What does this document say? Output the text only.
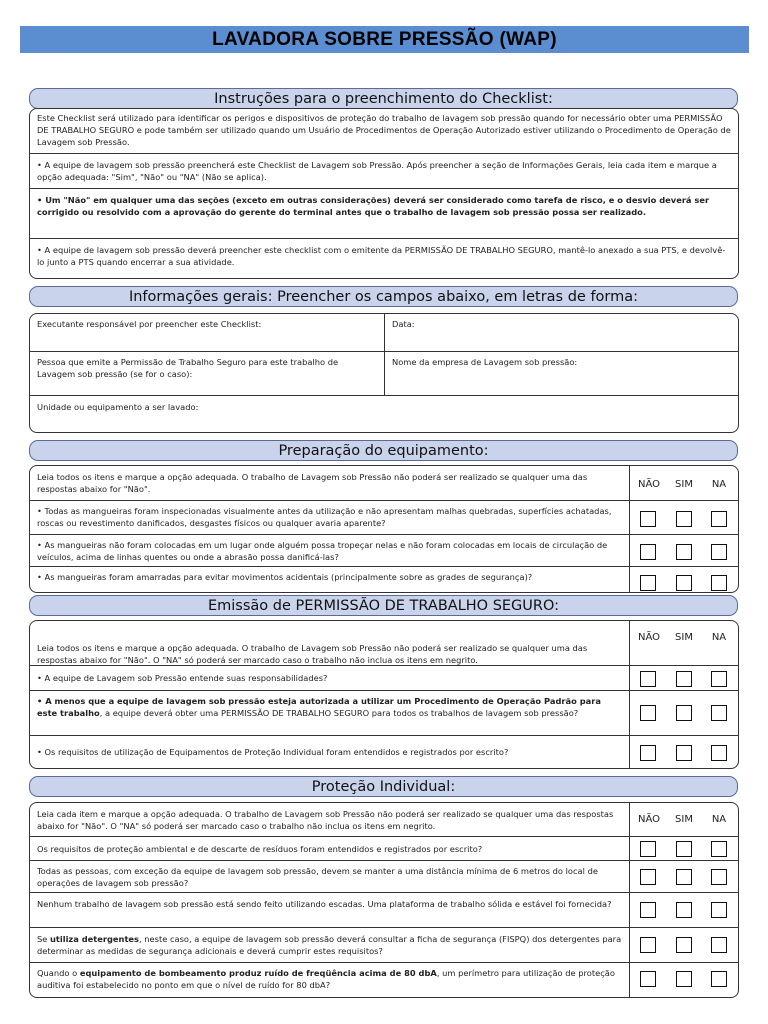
LAVADORA SOBRE PRESSÃO (WAP)
Instruções para o preenchimento do Checklist:
Este Checklist será utilizado para identificar os perigos e dispositivos de proteção do trabalho de lavagem sob pressão quando for necessário obter uma PERMISSÃO DE TRABALHO SEGURO e pode também ser utilizado quando um Usuário de Procedimentos de Operação Autorizado estiver utilizando o Procedimento de Operação de Lavagem sob Pressão.
• A equipe de lavagem sob pressão preencherá este Checklist de Lavagem sob Pressão. Após preencher a seção de Informações Gerais, leia cada item e marque a opção adequada: "Sim", "Não" ou "NA" (Não se aplica).
• Um "Não" em qualquer uma das seções (exceto em outras considerações) deverá ser considerado como tarefa de risco, e o desvio deverá ser corrigido ou resolvido com a aprovação do gerente do terminal antes que o trabalho de lavagem sob pressão possa ser realizado.
• A equipe de lavagem sob pressão deverá preencher este checklist com o emitente da PERMISSÃO DE TRABALHO SEGURO, mantê-lo anexado a sua PTS, e devolvê-lo junto a PTS quando encerrar a sua atividade.
Informações gerais: Preencher os campos abaixo, em letras de forma:
Executante responsável por preencher este Checklist:	Data:
Pessoa que emite a Permissão de Trabalho Seguro para este trabalho de Lavagem sob pressão (se for o caso):
Nome da empresa de Lavagem sob pressão:
Unidade ou equipamento a ser lavado:
Preparação do equipamento:
Leia todos os itens e marque a opção adequada. O trabalho de Lavagem sob Pressão não poderá ser realizado se qualquer uma das respostas abaixo for "Não".	NÃO	SIM	NA
• Todas as mangueiras foram inspecionadas visualmente antes da utilização e não apresentam malhas quebradas, superfícies achatadas, roscas ou revestimento danificados, desgastes físicos ou qualquer avaria aparente?
• As mangueiras não foram colocadas em um lugar onde alguém possa tropeçar nelas e não foram colocadas em locais de circulação de veículos, acima de linhas quentes ou onde a abrasão possa danificá-las?
• As mangueiras foram amarradas para evitar movimentos acidentais (principalmente sobre as grades de segurança)?
Emissão de PERMISSÃO DE TRABALHO SEGURO:
Leia todos os itens e marque a opção adequada. O trabalho de Lavagem sob Pressão não poderá ser realizado se qualquer uma das respostas abaixo for "Não". O "NA" só poderá ser marcado caso o trabalho não inclua os itens em negrito.
NÃO	SIM	NA
• A equipe de Lavagem sob Pressão entende suas responsabilidades?
• A menos que a equipe de lavagem sob pressão esteja autorizada a utilizar um Procedimento de Operação Padrão para este trabalho, a equipe deverá obter uma PERMISSÃO DE TRABALHO SEGURO para todos os trabalhos de lavagem sob pressão?
• Os requisitos de utilização de Equipamentos de Proteção Individual foram entendidos e registrados por escrito?
Proteção Individual:
Leia cada item e marque a opção adequada. O trabalho de Lavagem sob Pressão não poderá ser realizado se qualquer uma das respostas abaixo for "Não". O "NA" só poderá ser marcado caso o trabalho não inclua os itens em negrito.
NÃO	SIM	NA
Os requisitos de proteção ambiental e de descarte de resíduos foram entendidos e registrados por escrito?
Todas as pessoas, com exceção da equipe de lavagem sob pressão, devem se manter a uma distância mínima de 6 metros do local de operações de lavagem sob pressão?
Nenhum trabalho de lavagem sob pressão está sendo feito utilizando escadas. Uma plataforma de trabalho sólida e estável foi fornecida?
Se utiliza detergentes, neste caso, a equipe de lavagem sob pressão deverá consultar a ficha de segurança (FISPQ) dos detergentes para determinar as medidas de segurança adicionais e deverá cumprir estes requisitos?
Quando o equipamento de bombeamento produz ruído de freqüência acima de 80 dbA, um perímetro para utilização de proteção auditiva foi estabelecido no ponto em que o nível de ruído for 80 dbA?
